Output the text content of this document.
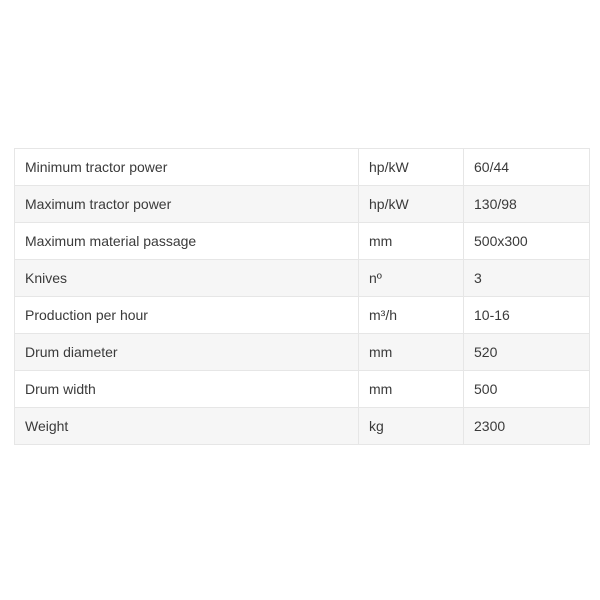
Minimum tractor power	hp/kW	60/44
Maximum tractor power	hp/kW	130/98
Maximum material passage	mm	500x300
Knives	nº	3
Production per hour	m³/h	10-16
Drum diameter	mm	520
Drum width	mm	500
Weight	kg	2300
